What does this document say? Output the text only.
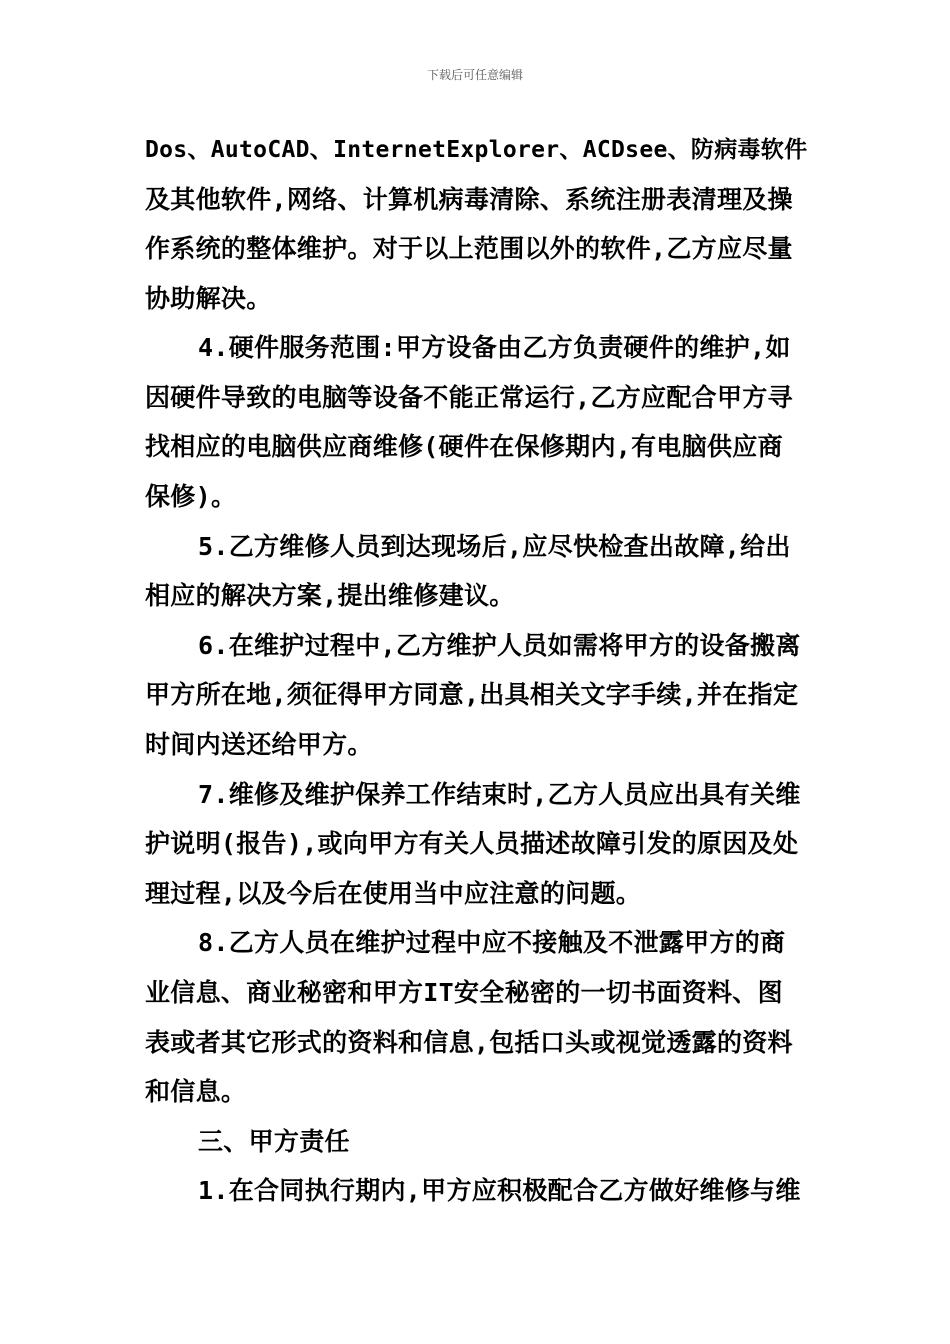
下载后可任意编辑
Dos、AutoCAD、InternetExplorer、ACDsee、防病毒软件
及其他软件,网络、计算机病毒清除、系统注册表清理及操
作系统的整体维护。对于以上范围以外的软件,乙方应尽量
协助解决。
4.硬件服务范围:甲方设备由乙方负责硬件的维护,如
因硬件导致的电脑等设备不能正常运行,乙方应配合甲方寻
找相应的电脑供应商维修(硬件在保修期内,有电脑供应商
保修)。
5.乙方维修人员到达现场后,应尽快检查出故障,给出
相应的解决方案,提出维修建议。
6.在维护过程中,乙方维护人员如需将甲方的设备搬离
甲方所在地,须征得甲方同意,出具相关文字手续,并在指定
时间内送还给甲方。
7.维修及维护保养工作结束时,乙方人员应出具有关维
护说明(报告),或向甲方有关人员描述故障引发的原因及处
理过程,以及今后在使用当中应注意的问题。
8.乙方人员在维护过程中应不接触及不泄露甲方的商
业信息、商业秘密和甲方IT安全秘密的一切书面资料、图
表或者其它形式的资料和信息,包括口头或视觉透露的资料
和信息。
三、甲方责任
1.在合同执行期内,甲方应积极配合乙方做好维修与维
